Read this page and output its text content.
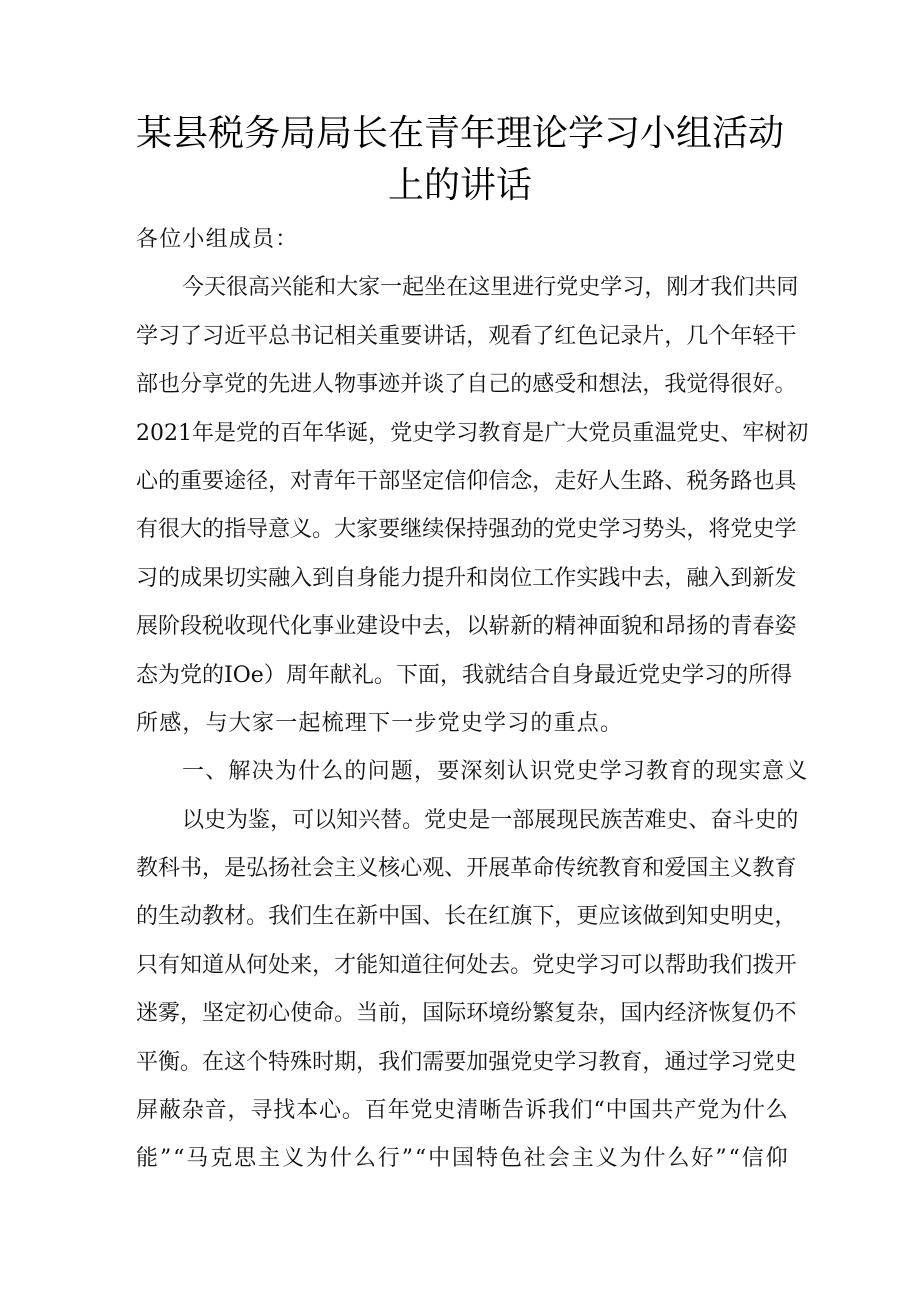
某县税务局局长在青年理论学习小组活动
上的讲话
各位小组成员：
今 天 很 高 兴 能 和 大 家 一 起 坐 在 这 里 进 行 党 史 学 习 ， 刚 才 我 们 共 同
学 习 了 习 近 平 总 书 记 相 关 重 要 讲 话 ， 观 看 了 红 色 记 录 片 ， 几 个 年 轻 干
部 也 分 享 党 的 先 进 人 物 事 迹 并 谈 了 自 己 的 感 受 和 想 法 ， 我 觉 得 很 好 。
2021 年 是 党 的 百 年 华 诞 ， 党 史 学 习 教 育 是 广 大 党 员 重 温 党 史 、 牢 树 初
心 的 重 要 途 径 ， 对 青 年 干 部 坚 定 信 仰 信 念 ， 走 好 人 生 路 、 税 务 路 也 具
有 很 大 的 指 导 意 义 。 大 家 要 继 续 保 持 强 劲 的 党 史 学 习 势 头 ， 将 党 史 学
习 的 成 果 切 实 融 入 到 自 身 能 力 提 升 和 岗 位 工 作 实 践 中 去 ， 融 入 到 新 发
展 阶 段 税 收 现 代 化 事 业 建 设 中 去 ， 以 崭 新 的 精 神 面 貌 和 昂 扬 的 青 春 姿
态 为 党 的 IOe ） 周 年 献 礼 。 下 面 ， 我 就 结 合 自 身 最 近 党 史 学 习 的 所 得
所感，与大家一起梳理下一步党史学习的重点。
一、解决为什么的问题，要深刻认识党史学习教育的现实意义
以 史 为 鉴 ， 可 以 知 兴 替 。 党 史 是 一 部 展 现 民 族 苦 难 史 、 奋 斗 史 的
教 科 书 ， 是 弘 扬 社 会 主 义 核 心 观 、 开 展 革 命 传 统 教 育 和 爱 国 主 义 教 育
的 生 动 教 材 。 我 们 生 在 新 中 国 、 长 在 红 旗 下 ， 更 应 该 做 到 知 史 明 史 ，
只 有 知 道 从 何 处 来 ， 才 能 知 道 往 何 处 去 。 党 史 学 习 可 以 帮 助 我 们 拨 开
迷 雾 ， 坚 定 初 心 使 命 。 当 前 ， 国 际 环 境 纷 繁 复 杂 ， 国 内 经 济 恢 复 仍 不
平 衡 。 在 这 个 特 殊 时 期 ， 我 们 需 要 加 强 党 史 学 习 教 育 ， 通 过 学 习 党 史
屏 蔽 杂 音 ， 寻 找 本 心 。 百 年 党 史 清 晰 告 诉 我 们 “ 中 国 共 产 党 为 什 么
能 ” “ 马 克 思 主 义 为 什 么 行 ” “ 中 国 特 色 社 会 主 义 为 什 么 好 ” “ 信 仰
